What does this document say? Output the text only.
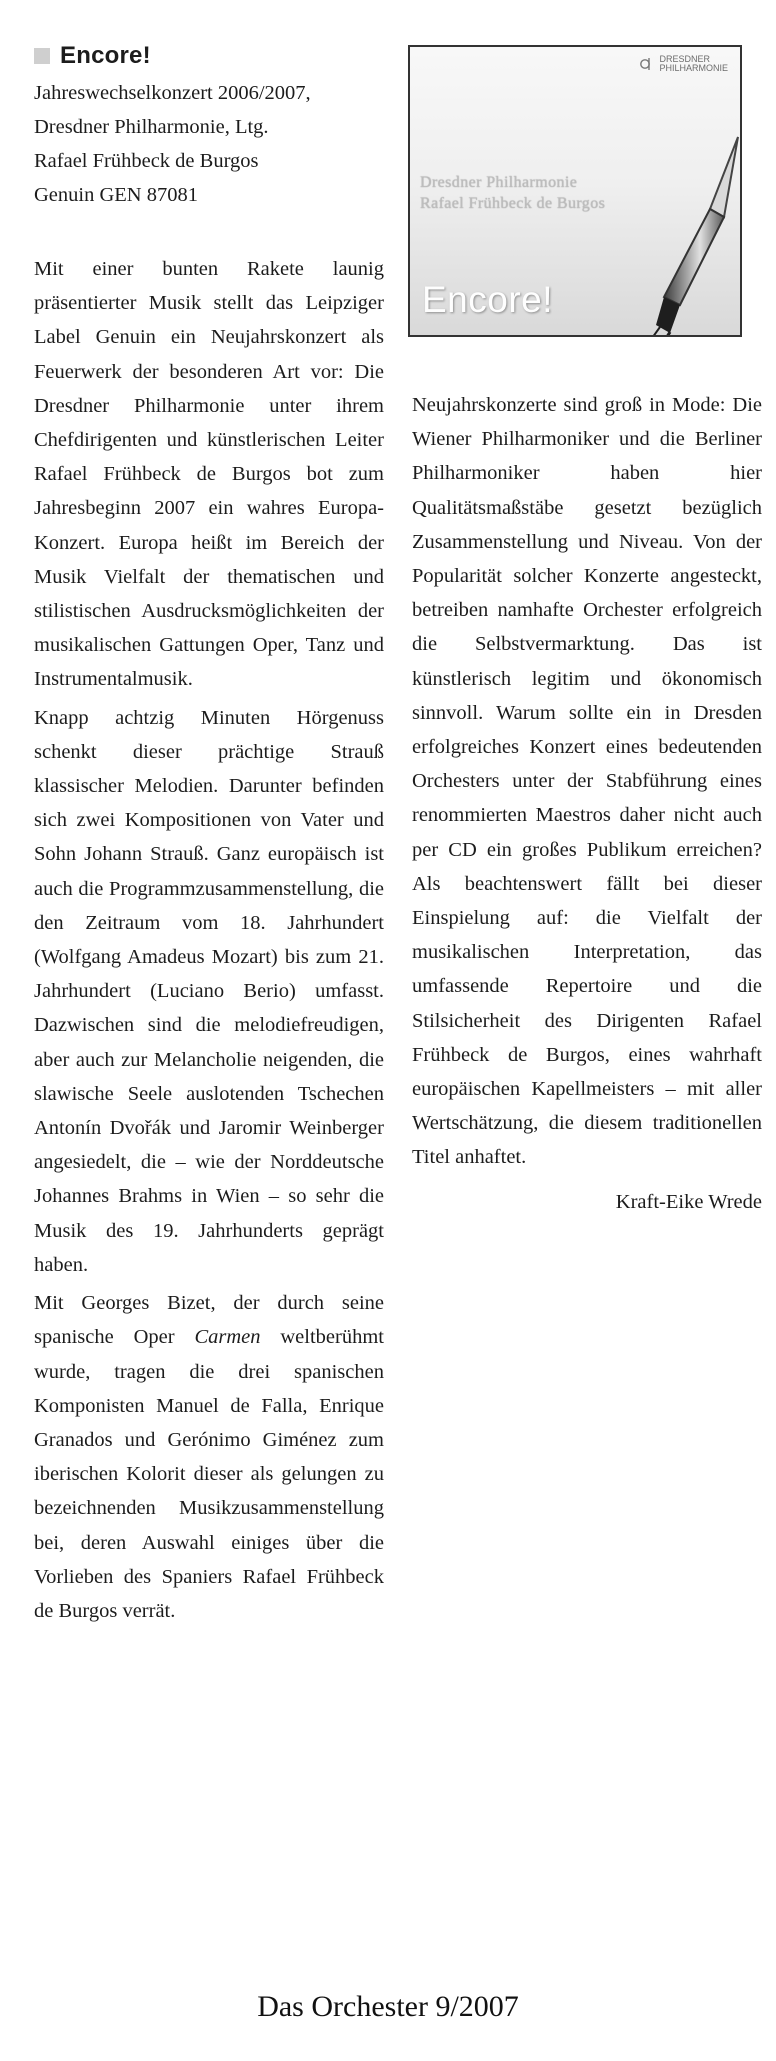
Encore!
Jahreswechselkonzert 2006/2007,
Dresdner Philharmonie, Ltg.
Rafael Frühbeck de Burgos
Genuin GEN 87081

Mit einer bunten Rakete launig präsentierter Musik stellt das Leipziger Label Genuin ein Neujahrskonzert als Feuerwerk der besonderen Art vor: Die Dresdner Philharmonie unter ihrem Chefdirigenten und künstlerischen Leiter Rafael Frühbeck de Burgos bot zum Jahresbeginn 2007 ein wahres Europa-Konzert. Europa heißt im Bereich der Musik Vielfalt der thematischen und stilistischen Ausdrucksmöglichkeiten der musikalischen Gattungen Oper, Tanz und Instrumentalmusik.

Knapp achtzig Minuten Hörgenuss schenkt dieser prächtige Strauß klassischer Melodien. Darunter befinden sich zwei Kompositionen von Vater und Sohn Johann Strauß. Ganz europäisch ist auch die Programmzusammenstellung, die den Zeitraum vom 18. Jahrhundert (Wolfgang Amadeus Mozart) bis zum 21. Jahrhundert (Luciano Berio) umfasst. Dazwischen sind die melodiefreudigen, aber auch zur Melancholie neigenden, die slawische Seele auslotenden Tschechen Antonín Dvořák und Jaromir Weinberger angesiedelt, die – wie der Norddeutsche Johannes Brahms in Wien – so sehr die Musik des 19. Jahrhunderts geprägt haben.

Mit Georges Bizet, der durch seine spanische Oper Carmen weltberühmt wurde, tragen die drei spanischen Komponisten Manuel de Falla, Enrique Granados und Gerónimo Giménez zum iberischen Kolorit dieser als gelungen zu bezeichnenden Musikzusammenstellung bei, deren Auswahl einiges über die Vorlieben des Spaniers Rafael Frühbeck de Burgos verrät.

DRESDNER
PHILHARMONIE
Dresdner Philharmonie
Rafael Frühbeck de Burgos
Encore!

Neujahrskonzerte sind groß in Mode: Die Wiener Philharmoniker und die Berliner Philharmoniker haben hier Qualitätsmaßstäbe gesetzt bezüglich Zusammenstellung und Niveau. Von der Popularität solcher Konzerte angesteckt, betreiben namhafte Orchester erfolgreich die Selbstvermarktung. Das ist künstlerisch legitim und ökonomisch sinnvoll. Warum sollte ein in Dresden erfolgreiches Konzert eines bedeutenden Orchesters unter der Stabführung eines renommierten Maestros daher nicht auch per CD ein großes Publikum erreichen? Als beachtenswert fällt bei dieser Einspielung auf: die Vielfalt der musikalischen Interpretation, das umfassende Repertoire und die Stilsicherheit des Dirigenten Rafael Frühbeck de Burgos, eines wahrhaft europäischen Kapellmeisters – mit aller Wertschätzung, die diesem traditionellen Titel anhaftet.

Kraft-Eike Wrede
Das Orchester 9/2007
